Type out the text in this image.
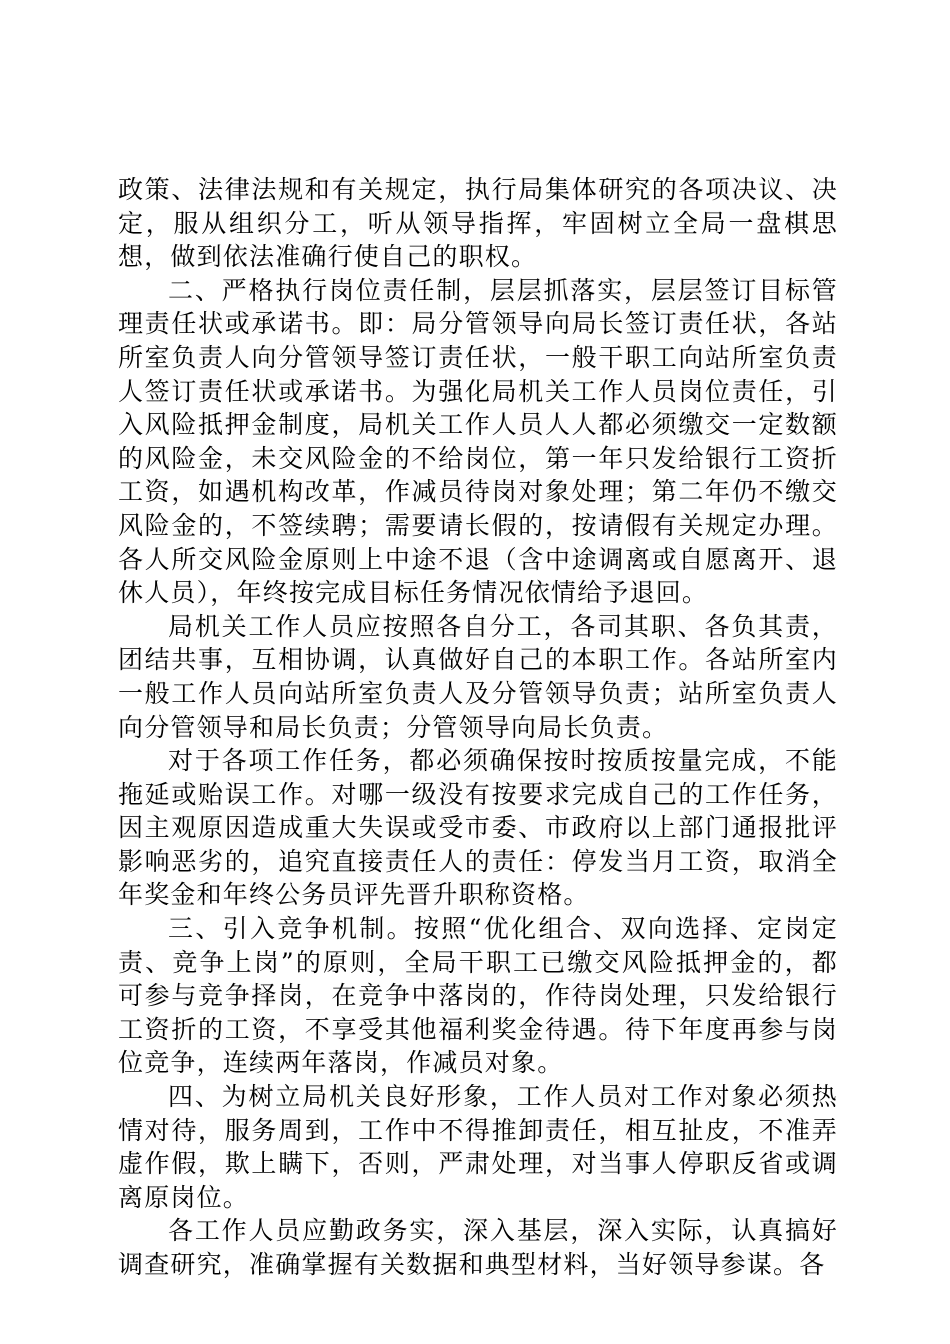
政策、法律法规和有关规定，执行局集体研究的各项决议、决定，服从组织分工，听从领导指挥，牢固树立全局一盘棋思想，做到依法准确行使自己的职权。

二、严格执行岗位责任制，层层抓落实，层层签订目标管理责任状或承诺书。即：局分管领导向局长签订责任状，各站所室负责人向分管领导签订责任状，一般干职工向站所室负责人签订责任状或承诺书。为强化局机关工作人员岗位责任，引入风险抵押金制度，局机关工作人员人人都必须缴交一定数额的风险金，未交风险金的不给岗位，第一年只发给银行工资折工资，如遇机构改革，作减员待岗对象处理；第二年仍不缴交风险金的，不签续聘；需要请长假的，按请假有关规定办理。各人所交风险金原则上中途不退（含中途调离或自愿离开、退休人员），年终按完成目标任务情况依情给予退回。

局机关工作人员应按照各自分工，各司其职、各负其责，团结共事，互相协调，认真做好自己的本职工作。各站所室内一般工作人员向站所室负责人及分管领导负责；站所室负责人向分管领导和局长负责；分管领导向局长负责。

对于各项工作任务，都必须确保按时按质按量完成，不能拖延或贻误工作。对哪一级没有按要求完成自己的工作任务，因主观原因造成重大失误或受市委、市政府以上部门通报批评影响恶劣的，追究直接责任人的责任：停发当月工资，取消全年奖金和年终公务员评先晋升职称资格。

三、引入竞争机制。按照“优化组合、双向选择、定岗定责、竞争上岗”的原则，全局干职工已缴交风险抵押金的，都可参与竞争择岗，在竞争中落岗的，作待岗处理，只发给银行工资折的工资，不享受其他福利奖金待遇。待下年度再参与岗位竞争，连续两年落岗，作减员对象。

四、为树立局机关良好形象，工作人员对工作对象必须热情对待，服务周到，工作中不得推卸责任，相互扯皮，不准弄虚作假，欺上瞒下，否则，严肃处理，对当事人停职反省或调离原岗位。

各工作人员应勤政务实，深入基层，深入实际，认真搞好调查研究，准确掌握有关数据和典型材料，当好领导参谋。各
